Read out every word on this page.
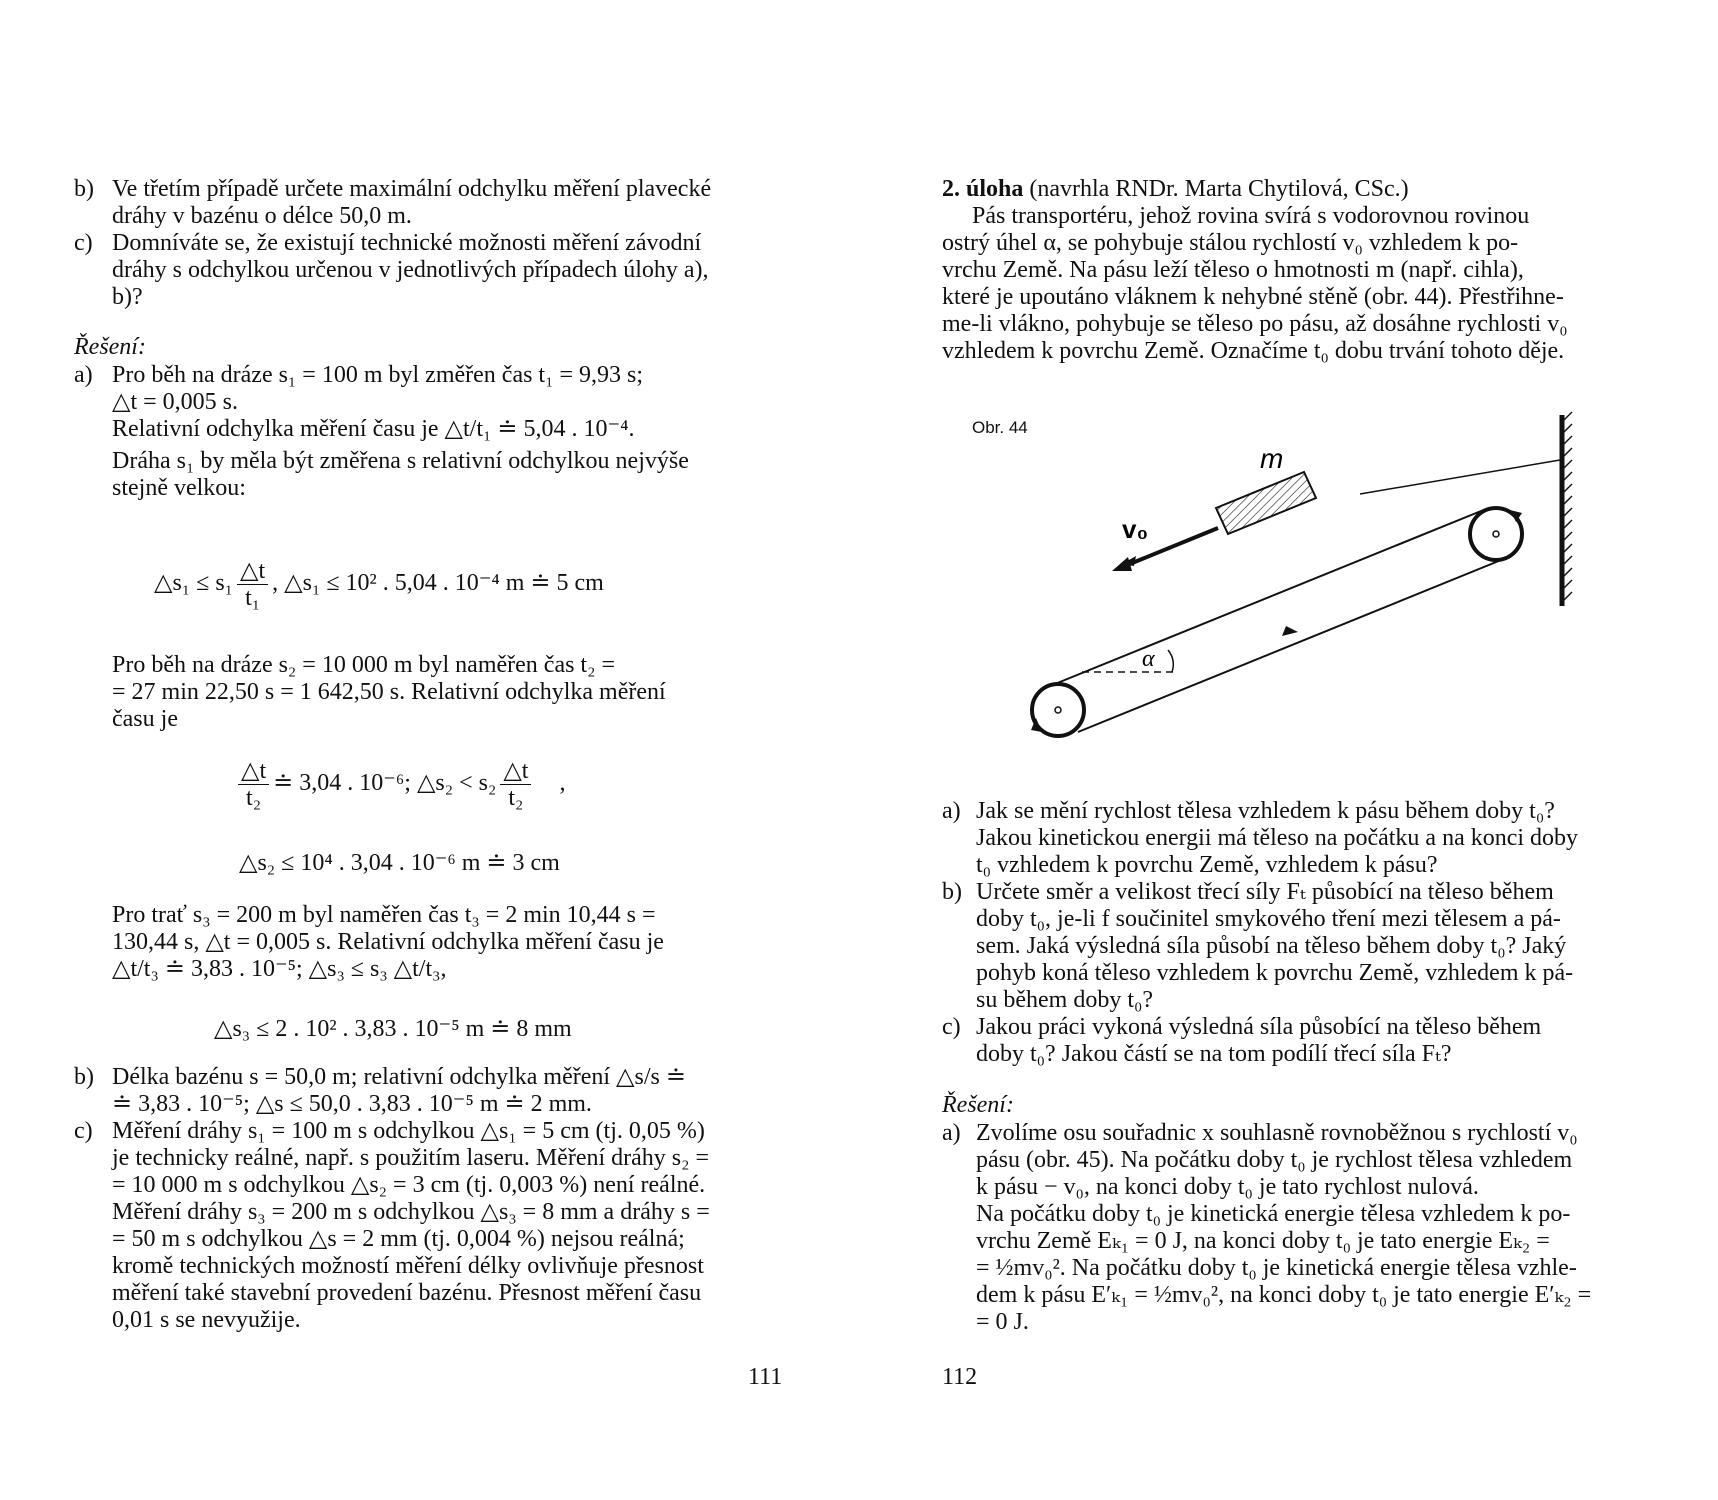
b) Ve třetím případě určete maximální odchylku měření plavecké
dráhy v bazénu o délce 50,0 m.
c) Domníváte se, že existují technické možnosti měření závodní
dráhy s odchylkou určenou v jednotlivých případech úlohy a),
b)?
Řešení:
a) Pro běh na dráze s₁ = 100 m byl změřen čas t₁ = 9,93 s;
△t = 0,005 s.
Relativní odchylka měření času je △t/t₁ ≐ 5,04 . 10⁻⁴.
Dráha s₁ by měla být změřena s relativní odchylkou nejvýše
stejně velkou:
△s₁ ≤ $s_1 \frac{\triangle t}{\text{t₁}}$ , △s₁ ≤ 10² . 5,04 . 10⁻⁴ m ≐ 5 cm
Pro běh na dráze s₂ = 10 000 m byl naměřen čas t₂ =
= 27 min 22,50 s = 1 642,50 s. Relativní odchylka měření
času je
$\frac{\triangle t}{\text{t₂}}$ ≐ 3,04 . 10⁻⁶; △s₂ < $s_2 \frac{\triangle t}{\text{t₂}}$ ,
△s₂ ≤ 10⁴ . 3,04 . 10⁻⁶ m ≐ 3 cm
Pro trať s₃ = 200 m byl naměřen čas t₃ = 2 min 10,44 s =
130,44 s, △t = 0,005 s. Relativní odchylka měření času je
△t/t₃ ≐ 3,83 . 10⁻⁵; △s₃ ≤ s₃ △t/t₃,
△s₃ ≤ 2 . 10² . 3,83 . 10⁻⁵ m ≐ 8 mm
b) Délka bazénu s = 50,0 m; relativní odchylka měření △s/s ≐
≐ 3,83 . 10⁻⁵; △s ≤ 50,0 . 3,83 . 10⁻⁵ m ≐ 2 mm.
c) Měření dráhy s₁ = 100 m s odchylkou △s₁ = 5 cm (tj. 0,05 %)
je technicky reálné, např. s použitím laseru. Měření dráhy s₂ =
= 10 000 m s odchylkou △s₂ = 3 cm (tj. 0,003 %) není reálné.
Měření dráhy s₃ = 200 m s odchylkou △s₃ = 8 mm a dráhy s =
= 50 m s odchylkou △s = 2 mm (tj. 0,004 %) nejsou reálná;
kromě technických možností měření délky ovlivňuje přesnost
měření také stavební provedení bazénu. Přesnost měření času
0,01 s se nevyužije.
111
2. úloha (navrhla RNDr. Marta Chytilová, CSc.)
Pás transportéru, jehož rovina svírá s vodorovnou rovinou
ostrý úhel α, se pohybuje stálou rychlostí v₀ vzhledem k po-
vrchu Země. Na pásu leží těleso o hmotnosti m (např. cihla),
které je upoutáno vláknem k nehybné stěně (obr. 44). Přestřihne-
me-li vlákno, pohybuje se těleso po pásu, až dosáhne rychlosti v₀
vzhledem k povrchu Země. Označíme t₀ dobu trvání tohoto děje.
a) Jak se mění rychlost tělesa vzhledem k pásu během doby t₀?
Jakou kinetickou energii má těleso na počátku a na konci doby
t₀ vzhledem k povrchu Země, vzhledem k pásu?
b) Určete směr a velikost třecí síly Fₜ působící na těleso během
doby t₀, je-li f součinitel smykového tření mezi tělesem a pá-
sem. Jaká výsledná síla působí na těleso během doby t₀? Jaký
pohyb koná těleso vzhledem k povrchu Země, vzhledem k pá-
su během doby t₀?
c) Jakou práci vykoná výsledná síla působící na těleso během
doby t₀? Jakou částí se na tom podílí třecí síla Fₜ?
Řešení:
a) Zvolíme osu souřadnic x souhlasně rovnoběžnou s rychlostí v₀
pásu (obr. 45). Na počátku doby t₀ je rychlost tělesa vzhledem
k pásu − v₀, na konci doby t₀ je tato rychlost nulová.
Na počátku doby t₀ je kinetická energie tělesa vzhledem k po-
vrchu Země Eₖ₁ = 0 J, na konci doby t₀ je tato energie Eₖ₂ =
= ½mv₀². Na počátku doby t₀ je kinetická energie tělesa vzhle-
dem k pásu E′ₖ₁ = ½mv₀², na konci doby t₀ je tato energie E′ₖ₂ =
= 0 J.
112
Obr. 44
m
v₀
α
